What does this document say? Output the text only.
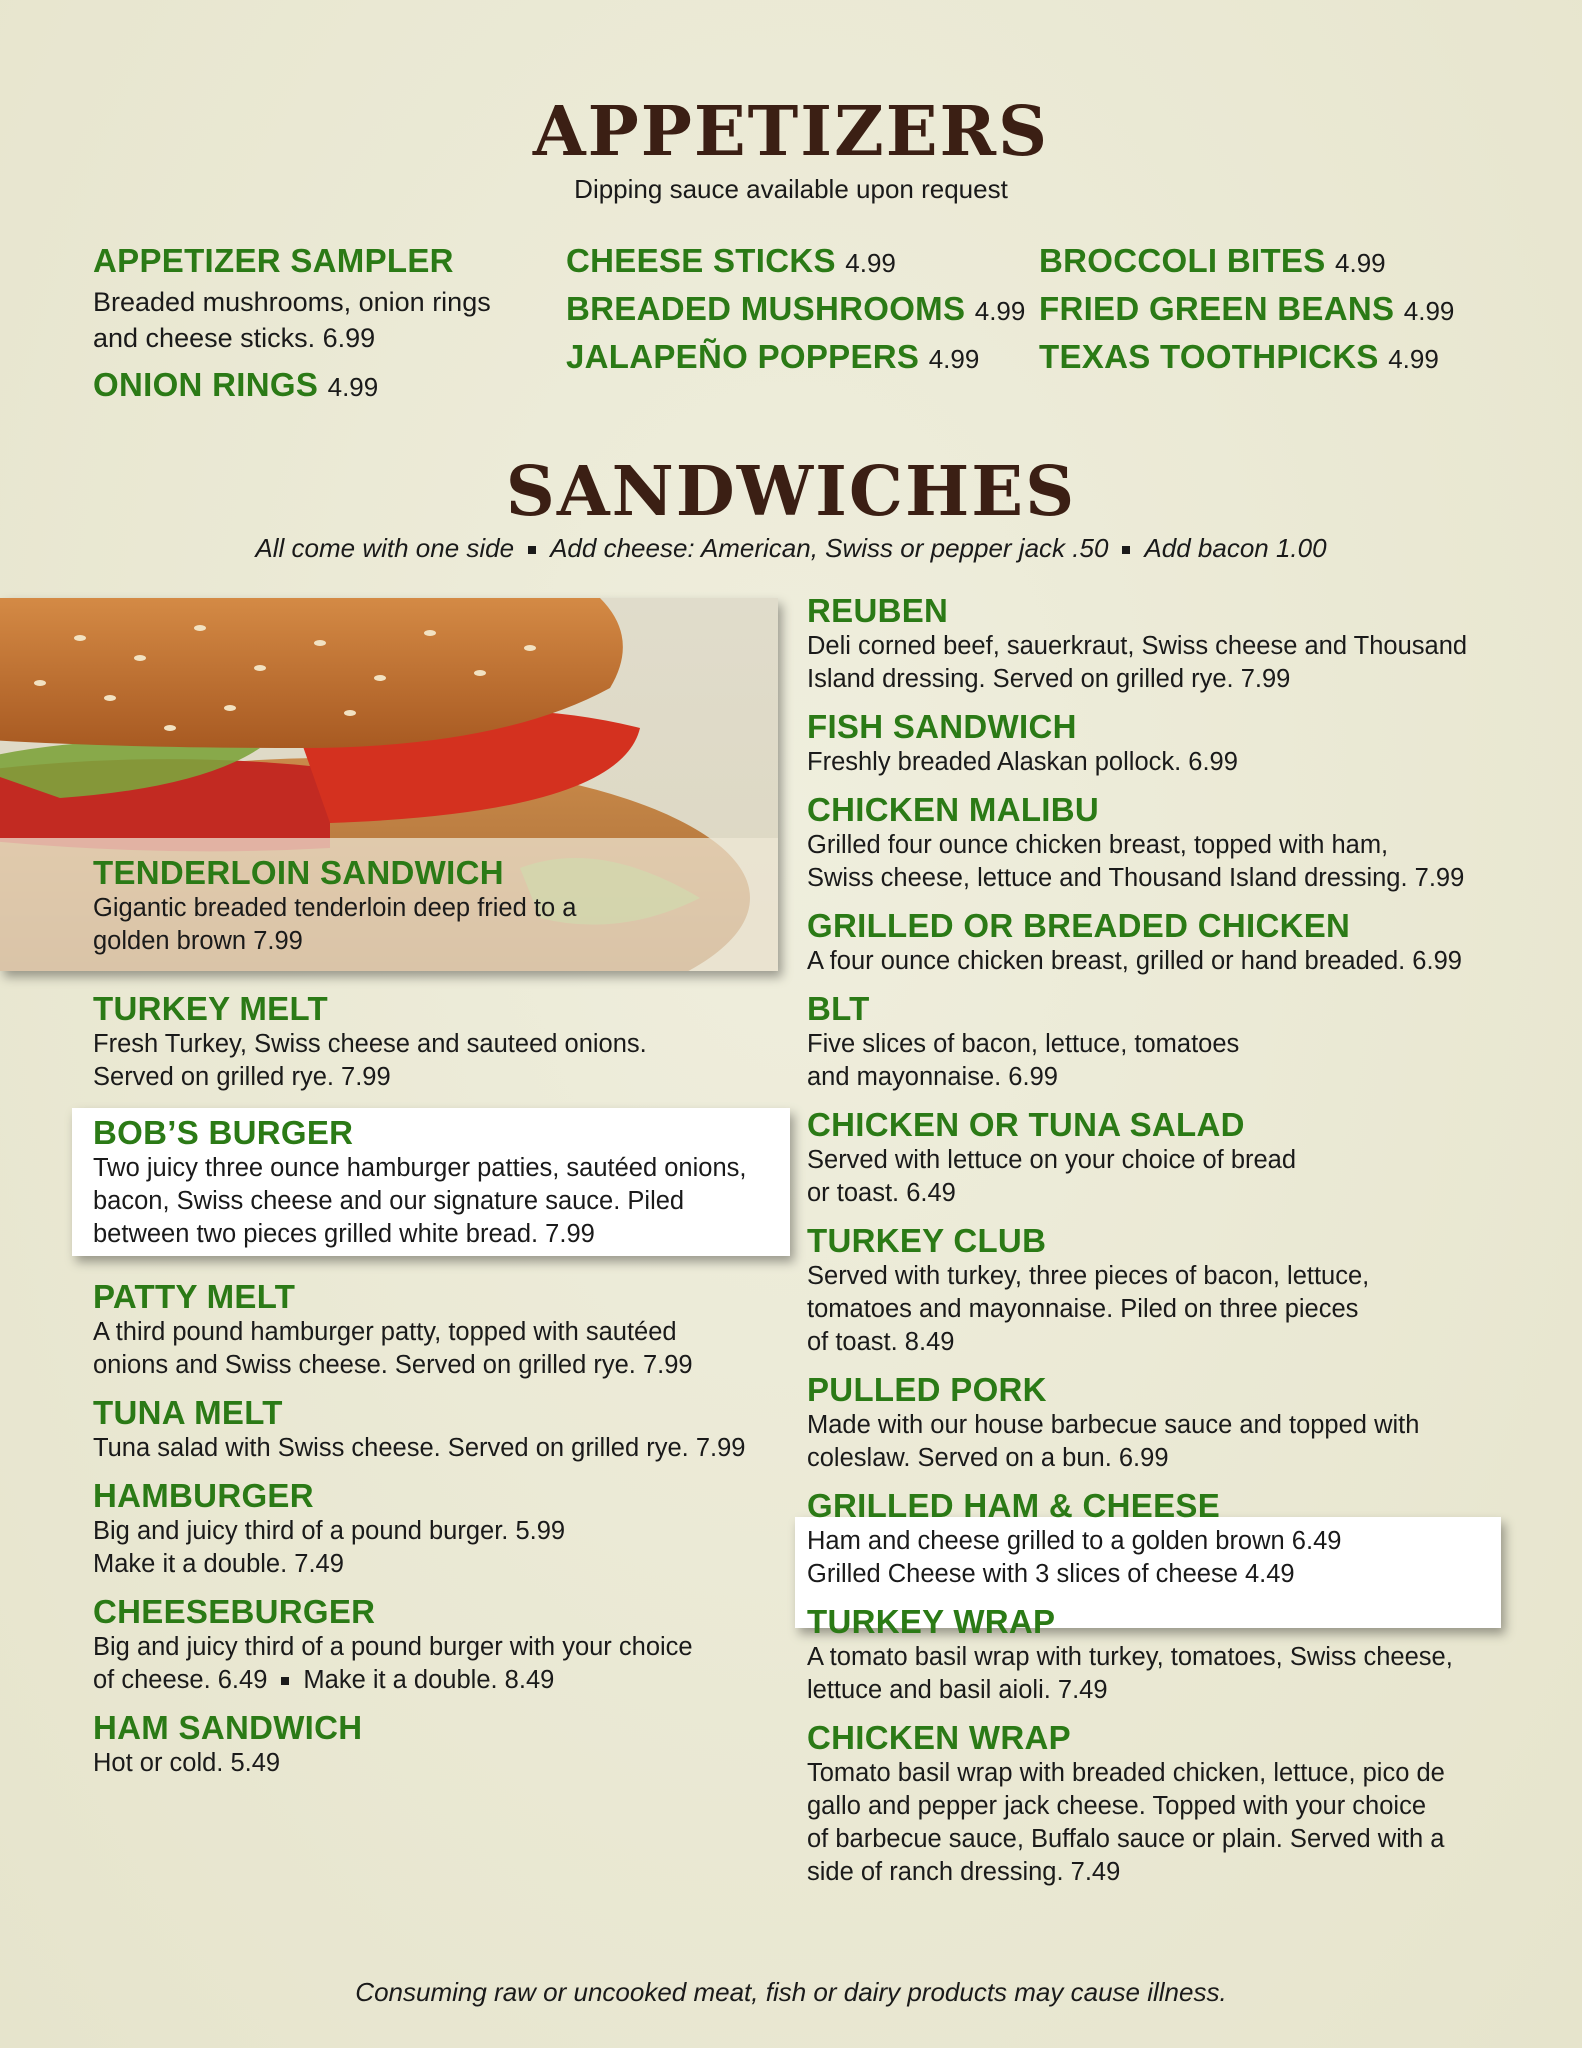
APPETIZERS

Dipping sauce available upon request

APPETIZER SAMPLER
Breaded mushrooms, onion rings
and cheese sticks. 6.99
ONION RINGS 4.99
CHEESE STICKS 4.99
BREADED MUSHROOMS 4.99
JALAPEÑO POPPERS 4.99
BROCCOLI BITES 4.99
FRIED GREEN BEANS 4.99
TEXAS TOOTHPICKS 4.99
SANDWICHES

All come with one side Add cheese: American, Swiss or pepper jack .50 Add bacon 1.00

TENDERLOIN SANDWICH
Gigantic breaded tenderloin deep fried to a
golden brown 7.99
TURKEY MELT
Fresh Turkey, Swiss cheese and sauteed onions.
Served on grilled rye. 7.99
BOB’S BURGER
Two juicy three ounce hamburger patties, sautéed onions,
bacon, Swiss cheese and our signature sauce. Piled
between two pieces grilled white bread. 7.99
PATTY MELT
A third pound hamburger patty, topped with sautéed
onions and Swiss cheese. Served on grilled rye. 7.99
TUNA MELT
Tuna salad with Swiss cheese. Served on grilled rye. 7.99
HAMBURGER
Big and juicy third of a pound burger. 5.99
Make it a double. 7.49
CHEESEBURGER
Big and juicy third of a pound burger with your choice
of cheese. 6.49 Make it a double. 8.49
HAM SANDWICH
Hot or cold. 5.49
REUBEN
Deli corned beef, sauerkraut, Swiss cheese and Thousand
Island dressing. Served on grilled rye. 7.99
FISH SANDWICH
Freshly breaded Alaskan pollock. 6.99
CHICKEN MALIBU
Grilled four ounce chicken breast, topped with ham,
Swiss cheese, lettuce and Thousand Island dressing. 7.99
GRILLED OR BREADED CHICKEN
A four ounce chicken breast, grilled or hand breaded. 6.99
BLT
Five slices of bacon, lettuce, tomatoes
and mayonnaise. 6.99
CHICKEN OR TUNA SALAD
Served with lettuce on your choice of bread
or toast. 6.49
TURKEY CLUB
Served with turkey, three pieces of bacon, lettuce,
tomatoes and mayonnaise. Piled on three pieces
of toast. 8.49
PULLED PORK
Made with our house barbecue sauce and topped with
coleslaw. Served on a bun. 6.99
GRILLED HAM & CHEESE
Ham and cheese grilled to a golden brown 6.49
Grilled Cheese with 3 slices of cheese 4.49
TURKEY WRAP
A tomato basil wrap with turkey, tomatoes, Swiss cheese,
lettuce and basil aioli. 7.49
CHICKEN WRAP
Tomato basil wrap with breaded chicken, lettuce, pico de
gallo and pepper jack cheese. Topped with your choice
of barbecue sauce, Buffalo sauce or plain. Served with a
side of ranch dressing. 7.49

Consuming raw or uncooked meat, fish or dairy products may cause illness.
